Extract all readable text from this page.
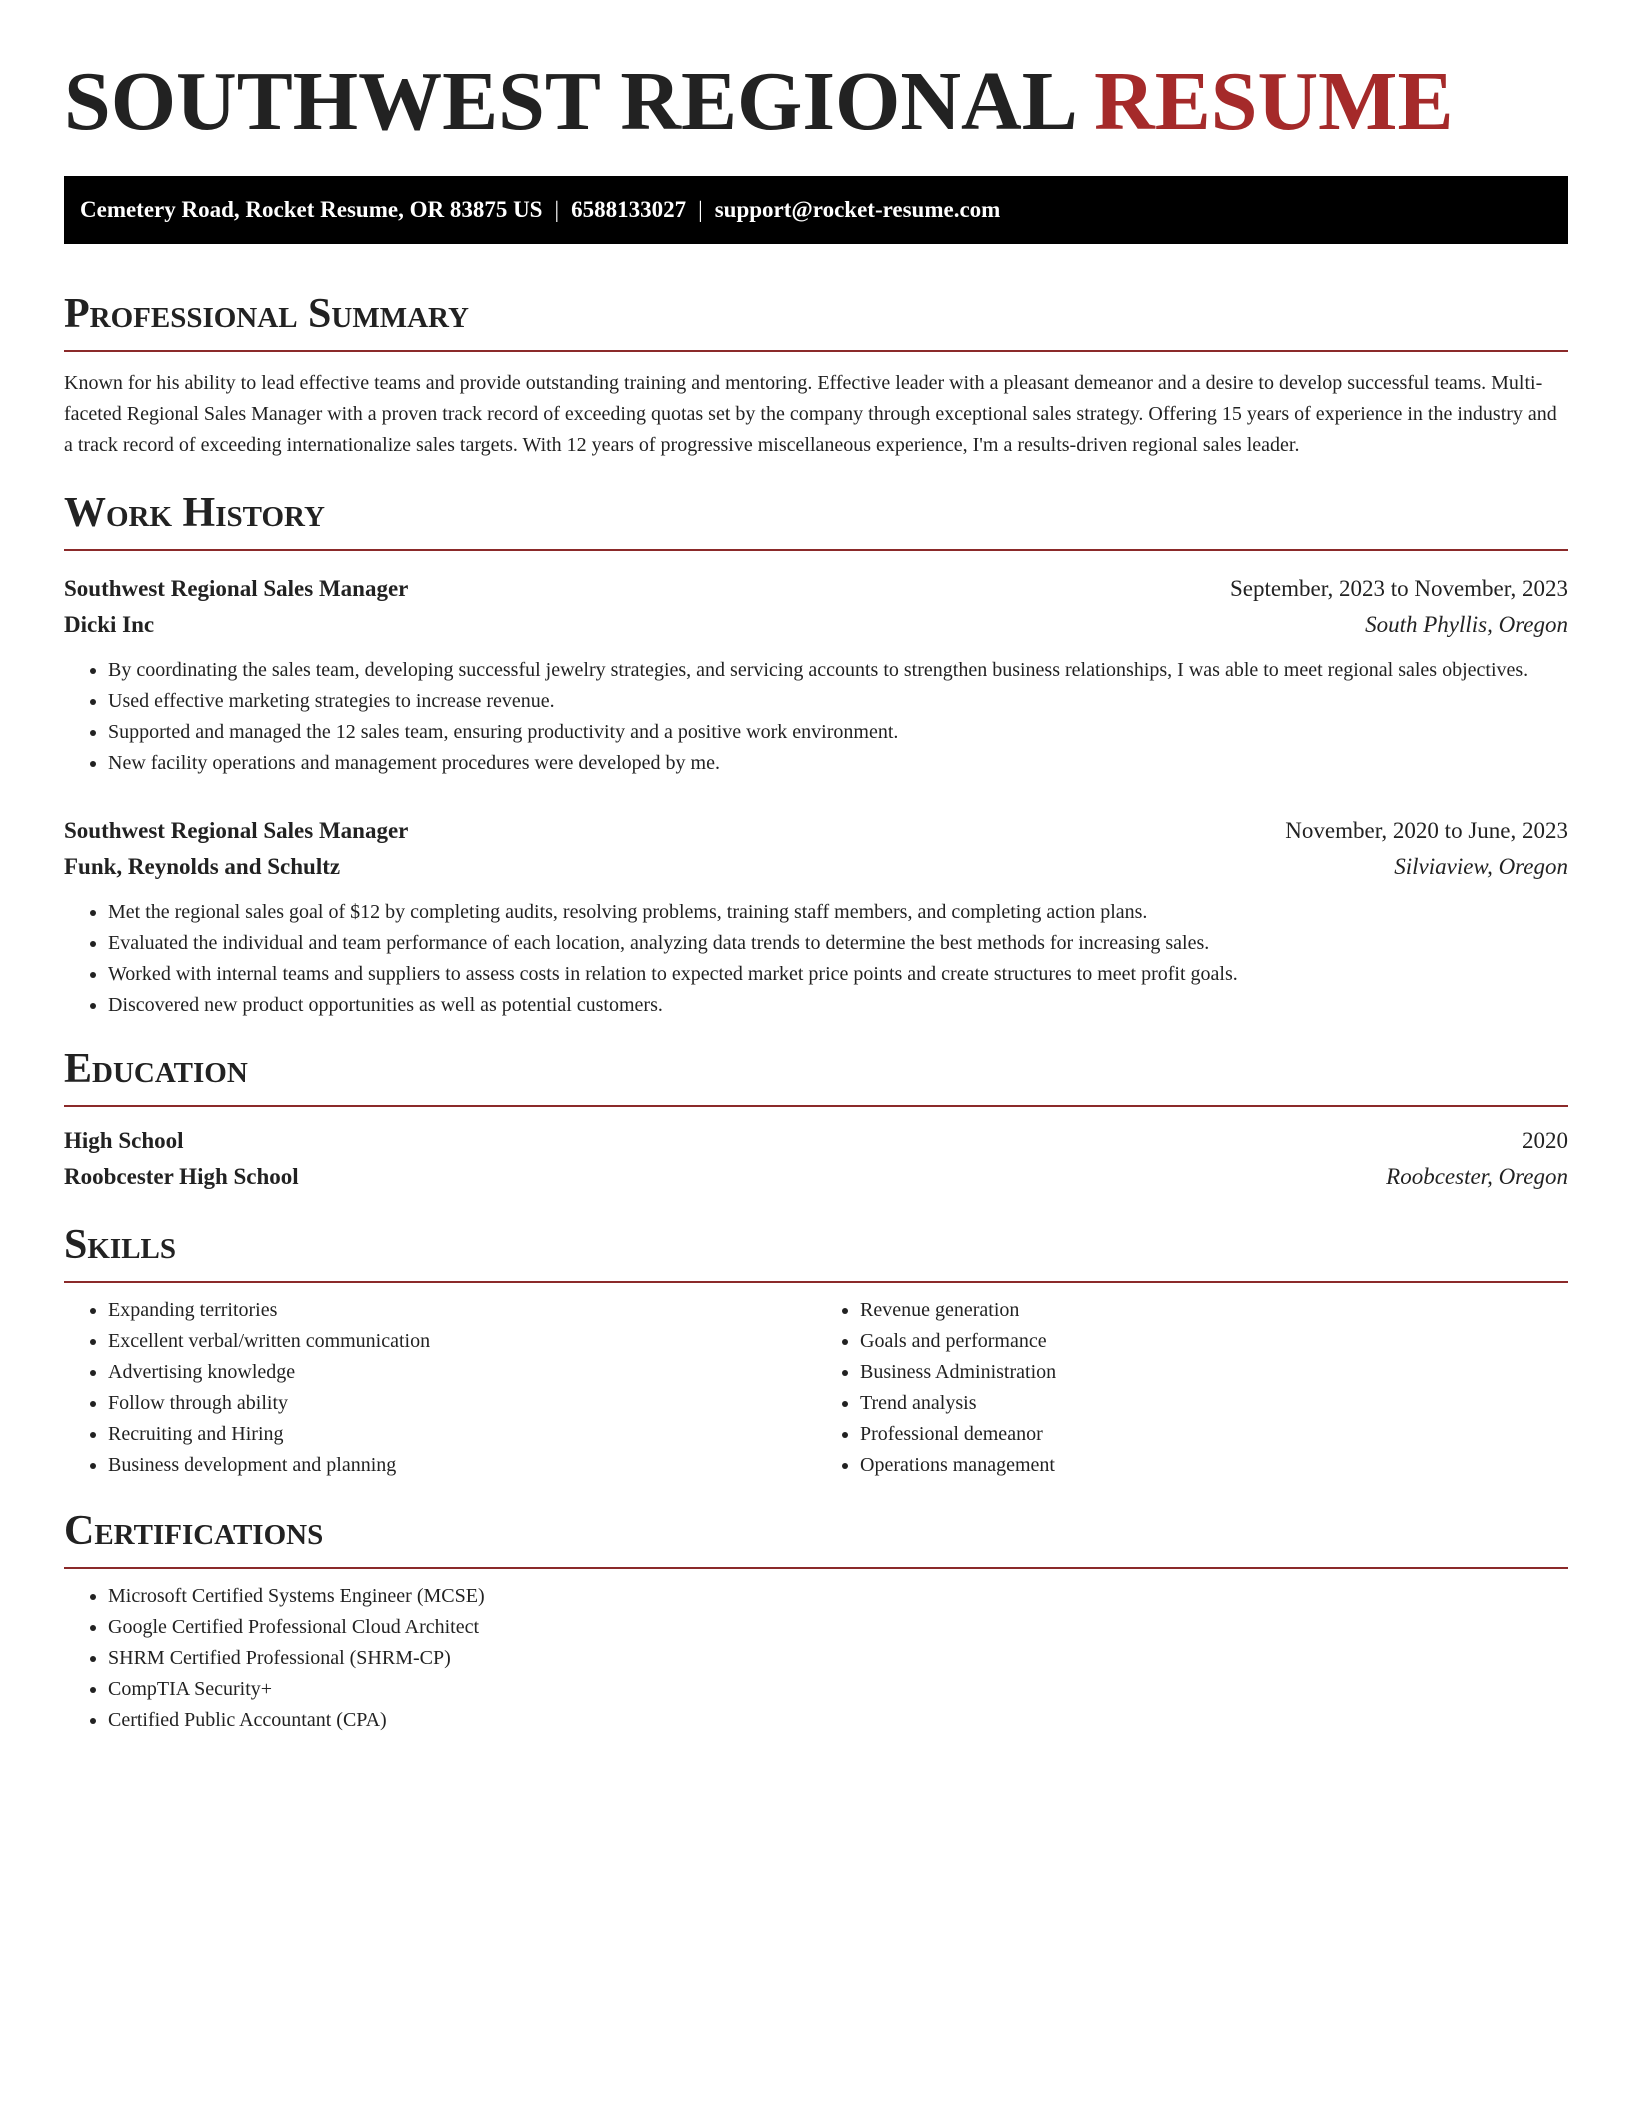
SOUTHWEST REGIONAL RESUME
Cemetery Road, Rocket Resume, OR 83875 US | 6588133027 | support@rocket-resume.com
Professional Summary

Known for his ability to lead effective teams and provide outstanding training and mentoring. Effective leader with a pleasant demeanor and a desire to develop successful teams. Multi-faceted Regional Sales Manager with a proven track record of exceeding quotas set by the company through exceptional sales strategy. Offering 15 years of experience in the industry and a track record of exceeding internationalize sales targets. With 12 years of progressive miscellaneous experience, I'm a results-driven regional sales leader.

Work History
Southwest Regional Sales Manager	September, 2023 to November, 2023
Dicki Inc	South Phyllis, Oregon
• By coordinating the sales team, developing successful jewelry strategies, and servicing accounts to strengthen business relationships, I was able to meet regional sales objectives.
• Used effective marketing strategies to increase revenue.
• Supported and managed the 12 sales team, ensuring productivity and a positive work environment.
• New facility operations and management procedures were developed by me.
Southwest Regional Sales Manager	November, 2020 to June, 2023
Funk, Reynolds and Schultz	Silviaview, Oregon
• Met the regional sales goal of $12 by completing audits, resolving problems, training staff members, and completing action plans.
• Evaluated the individual and team performance of each location, analyzing data trends to determine the best methods for increasing sales.
• Worked with internal teams and suppliers to assess costs in relation to expected market price points and create structures to meet profit goals.
• Discovered new product opportunities as well as potential customers.
Education
High School	2020
Roobcester High School	Roobcester, Oregon
Skills
• Expanding territories
• Excellent verbal/written communication
• Advertising knowledge
• Follow through ability
• Recruiting and Hiring
• Business development and planning
• Revenue generation
• Goals and performance
• Business Administration
• Trend analysis
• Professional demeanor
• Operations management
Certifications
• Microsoft Certified Systems Engineer (MCSE)
• Google Certified Professional Cloud Architect
• SHRM Certified Professional (SHRM-CP)
• CompTIA Security+
• Certified Public Accountant (CPA)
